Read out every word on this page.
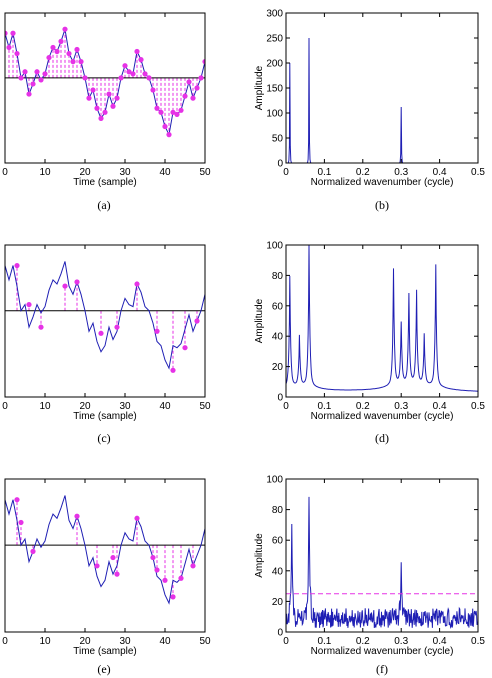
0	10	20	30	40	50
Time (sample)
(a)
0	0.1 0.2 0.3 0.4 0.5
0
50
100
150
200
250
300
Normalized wavenumber (cycle)
Amplitude
(b)
0	10	20	30	40	50
Time (sample)
(c)
0	0.1 0.2 0.3 0.4 0.5
0
20
40
60
80
100
Normalized wavenumber (cycle)
Amplitude
(d)
0	10	20	30	40	50
Time (sample)
(e)
0	0.1 0.2 0.3 0.4 0.5
0
20
40
60
80
100
Normalized wavenumber (cycle)
Amplitude
(f)
